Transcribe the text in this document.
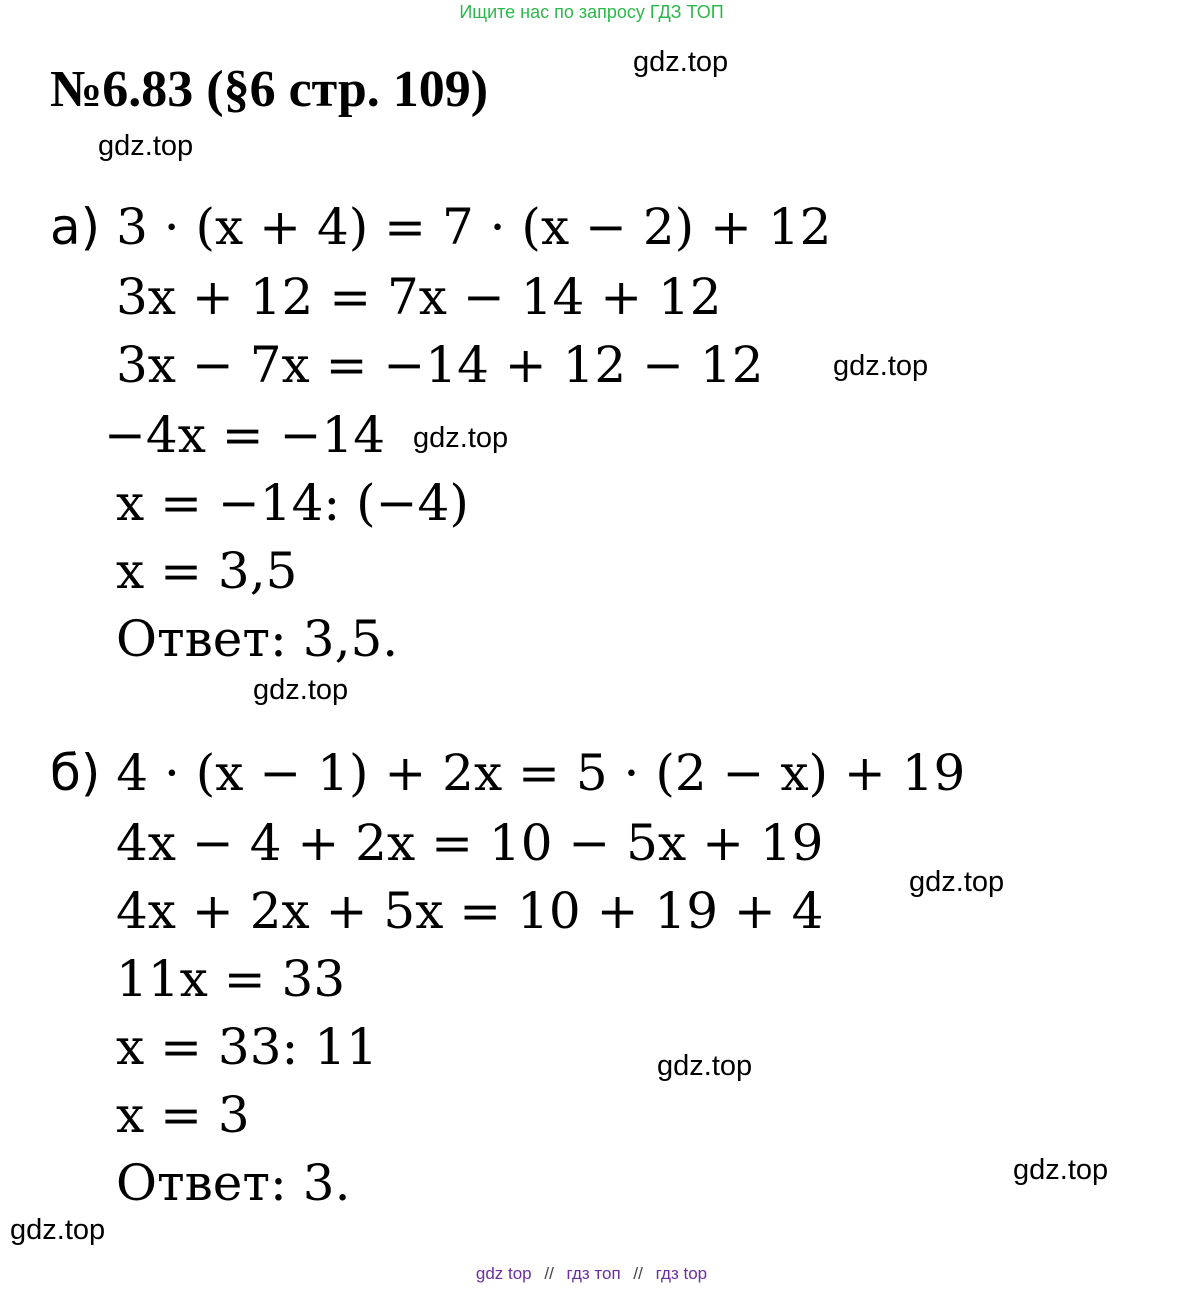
Ищите нас по запросу ГДЗ ТОП
№6.83 (§6 стр. 109)	gdz.top
gdz.top
gdz.top
gdz.top
gdz.top
gdz.top
gdz.top
gdz.top
gdz.top
а) 3 · (x + 4) = 7 · (x − 2) + 12
3x + 12 = 7x − 14 + 12
3x − 7x = −14 + 12 − 12
−4x = −14
x = −14: (−4)
x = 3,5
Ответ: 3,5.
б) 4 · (x − 1) + 2x = 5 · (2 − x) + 19
4x − 4 + 2x = 10 − 5x + 19
4x + 2x + 5x = 10 + 19 + 4
11x = 33
x = 33: 11
x = 3
Ответ: 3.
gdz top // гдз топ // гдз top
